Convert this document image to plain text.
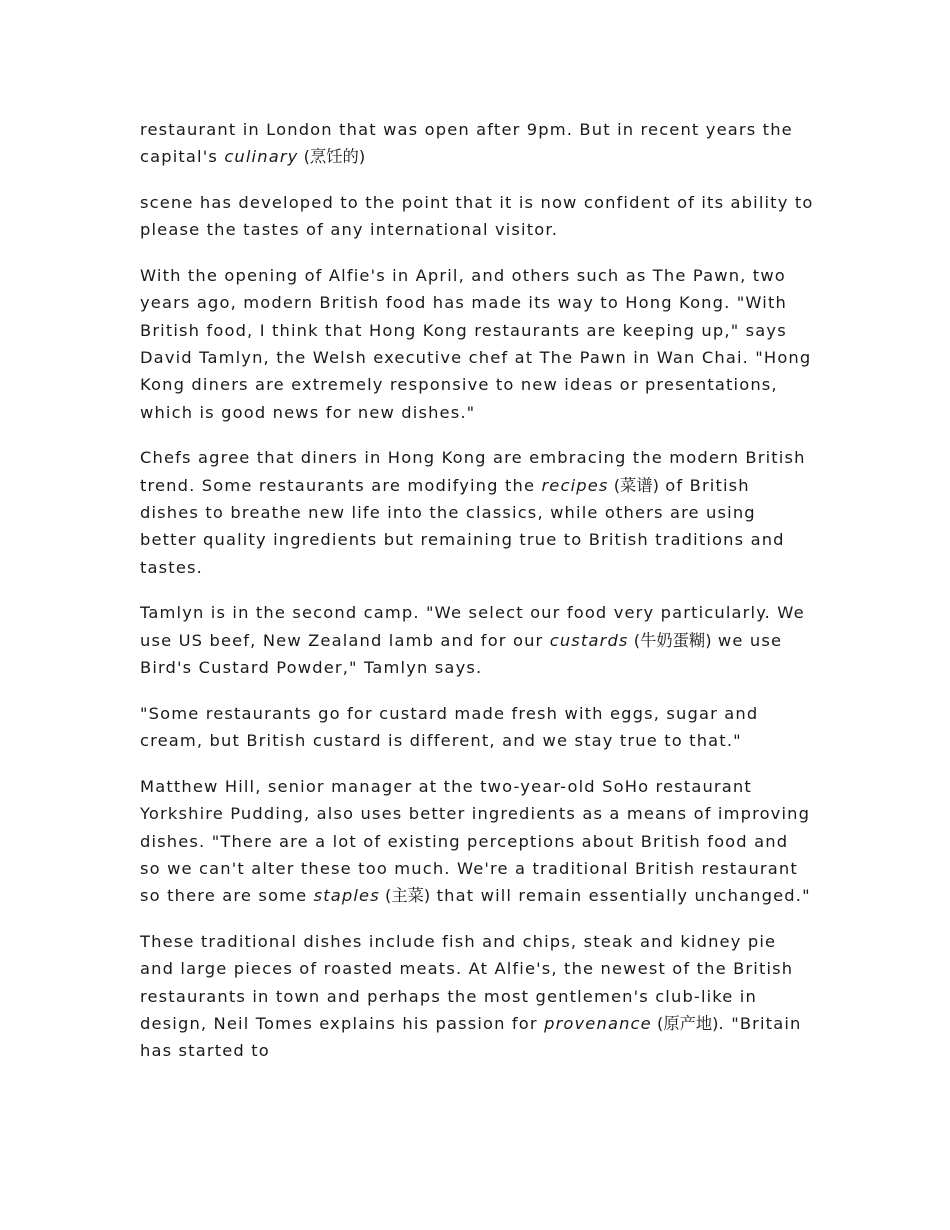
restaurant in London that was open after 9pm. But in recent years the capital's culinary (烹饪的)

scene has developed to the point that it is now confident of its ability to please the tastes of any international visitor.

With the opening of Alfie's in April, and others such as The Pawn, two years ago, modern British food has made its way to Hong Kong. "With British food, I think that Hong Kong restaurants are keeping up," says David Tamlyn, the Welsh executive chef at The Pawn in Wan Chai. "Hong Kong diners are extremely responsive to new ideas or presentations, which is good news for new dishes."

Chefs agree that diners in Hong Kong are embracing the modern British trend. Some restaurants are modifying the recipes (菜谱) of British dishes to breathe new life into the classics, while others are using better quality ingredients but remaining true to British traditions and tastes.

Tamlyn is in the second camp. "We select our food very particularly. We use US beef, New Zealand lamb and for our custards (牛奶蛋糊) we use Bird's Custard Powder," Tamlyn says.

"Some restaurants go for custard made fresh with eggs, sugar and cream, but British custard is different, and we stay true to that."

Matthew Hill, senior manager at the two-year-old SoHo restaurant Yorkshire Pudding, also uses better ingredients as a means of improving dishes. "There are a lot of existing perceptions about British food and so we can't alter these too much. We're a traditional British restaurant so there are some staples (主菜) that will remain essentially unchanged."

These traditional dishes include fish and chips, steak and kidney pie and large pieces of roasted meats. At Alfie's, the newest of the British restaurants in town and perhaps the most gentlemen's club-like in design, Neil Tomes explains his passion for provenance (原产地). "Britain has started to
